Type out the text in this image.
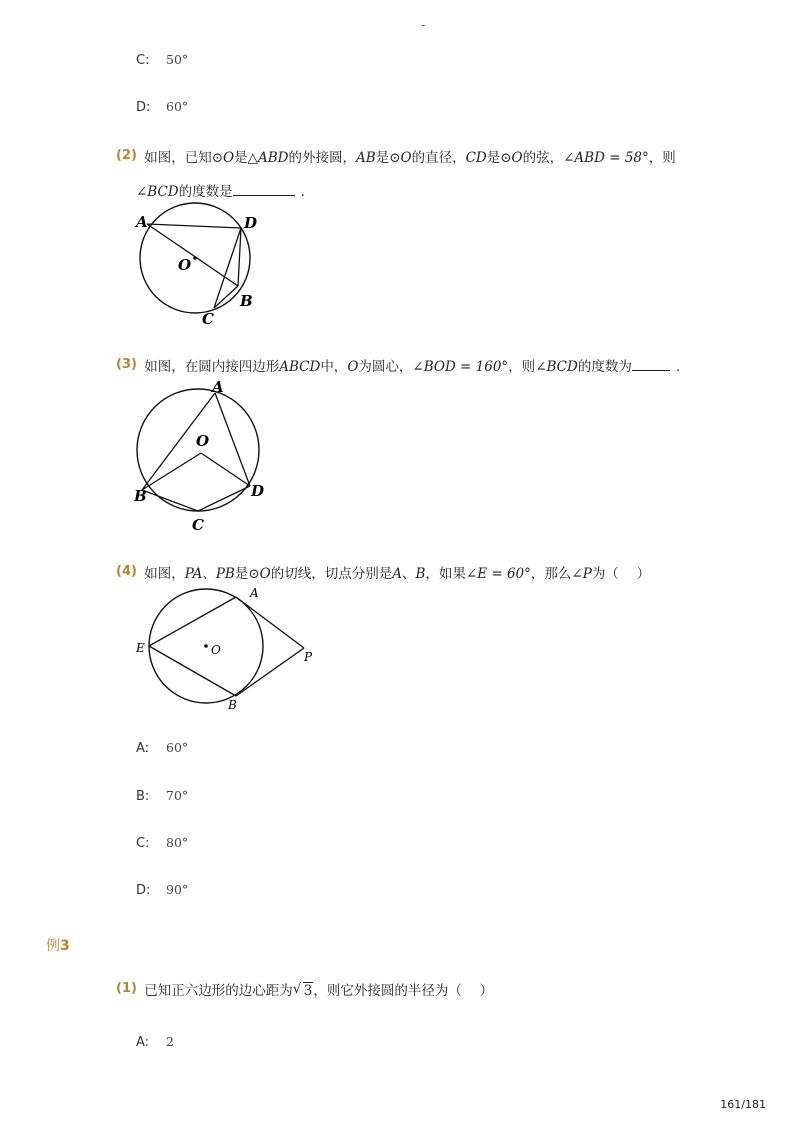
-
C:	50°
D:	60°
(2) 如图，已知⊙O是△ABD的外接圆，AB是⊙O的直径，CD是⊙O的弦，∠ABD = 58°，则
∠BCD的度数是	.
A	D
O
B
C
(3) 如图，在圆内接四边形ABCD中，O为圆心，∠BOD = 160°，则∠BCD的度数为	.
A
O
B	D
C
(4) 如图，PA、PB是⊙O的切线，切点分别是A、B，如果∠E = 60°，那么∠P为（　 ）
A
E	O	P
B
A:	60°
B:	70°
C:	80°
D:	90°
例3
(1) 已知正六边形的边心距为 √ 3，则它外接圆的半径为（　 ）
A:	2
161/181
